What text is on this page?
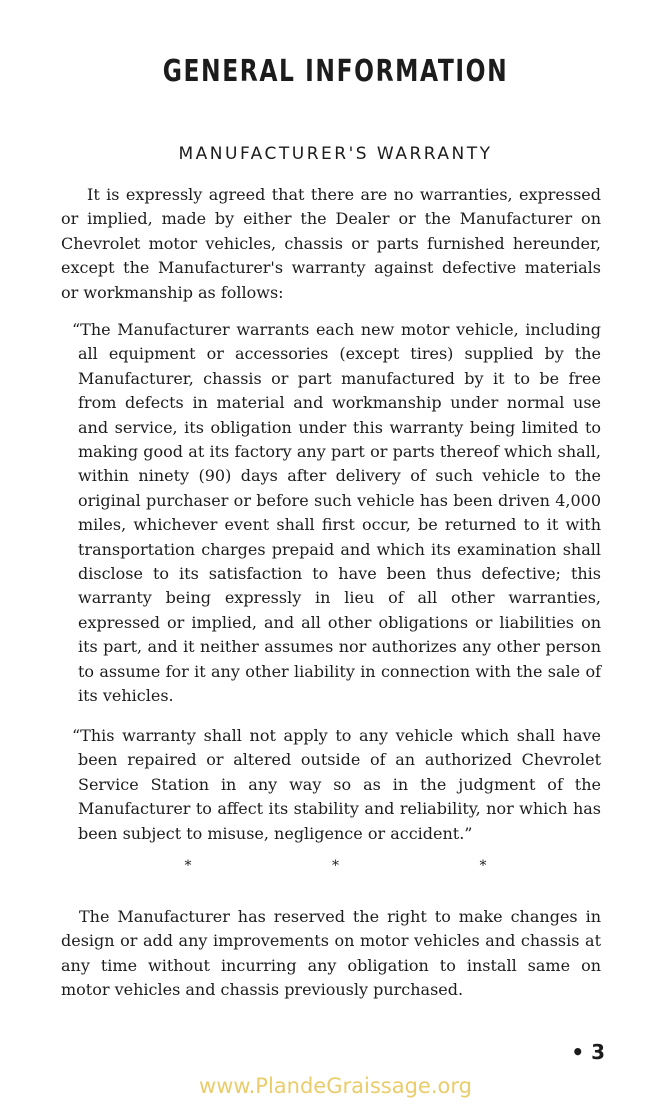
GENERAL INFORMATION
MANUFACTURER'S WARRANTY

It is expressly agreed that there are no warranties, expressed or implied, made by either the Dealer or the Manufacturer on Chevrolet motor vehicles, chassis or parts furnished hereunder, except the Manufacturer's warranty against defective materials or workmanship as follows:

“The Manufacturer warrants each new motor vehicle, including all equipment or accessories (except tires) supplied by the Manufacturer, chassis or part manufactured by it to be free from defects in material and workmanship under normal use and service, its obligation under this warranty being limited to making good at its factory any part or parts thereof which shall, within ninety (90) days after delivery of such vehicle to the original purchaser or before such vehicle has been driven 4,000 miles, whichever event shall first occur, be returned to it with transportation charges prepaid and which its examination shall disclose to its satisfaction to have been thus defective; this warranty being expressly in lieu of all other warranties, expressed or implied, and all other obligations or liabilities on its part, and it neither assumes nor authorizes any other person to assume for it any other liability in connection with the sale of its vehicles.

“This warranty shall not apply to any vehicle which shall have been repaired or altered outside of an authorized Chevrolet Service Station in any way so as in the judgment of the Manufacturer to affect its stability and reliability, nor which has been subject to misuse, negligence or accident.”

* * *

The Manufacturer has reserved the right to make changes in design or add any improvements on motor vehicles and chassis at any time without incurring any obligation to install same on motor vehicles and chassis previously purchased.

• 3
www.PlandeGraissage.org
